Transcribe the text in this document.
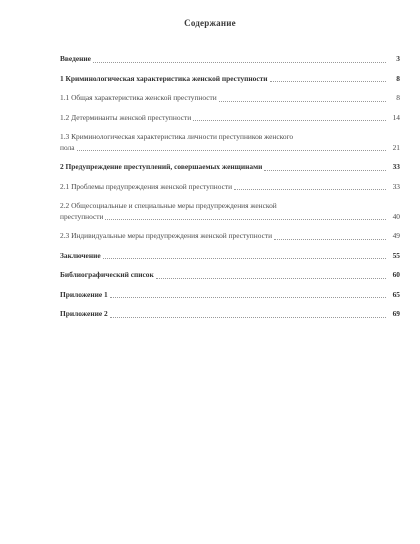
Содержание
Введение	3
1 Криминологическая характеристика женской преступности	8
1.1 Общая характеристика женской преступности	8
1.2 Детерминанты женской преступности	14
1.3 Криминологическая характеристика личности преступников женского
пола	21
2 Предупреждение преступлений, совершаемых женщинами	33
2.1 Проблемы предупреждения женской преступности	33
2.2 Общесоциальные и специальные меры предупреждения женской
преступности	40
2.3 Индивидуальные меры предупреждения женской преступности	49
Заключение	55
Библиографический список	60
Приложение 1	65
Приложение 2	69
